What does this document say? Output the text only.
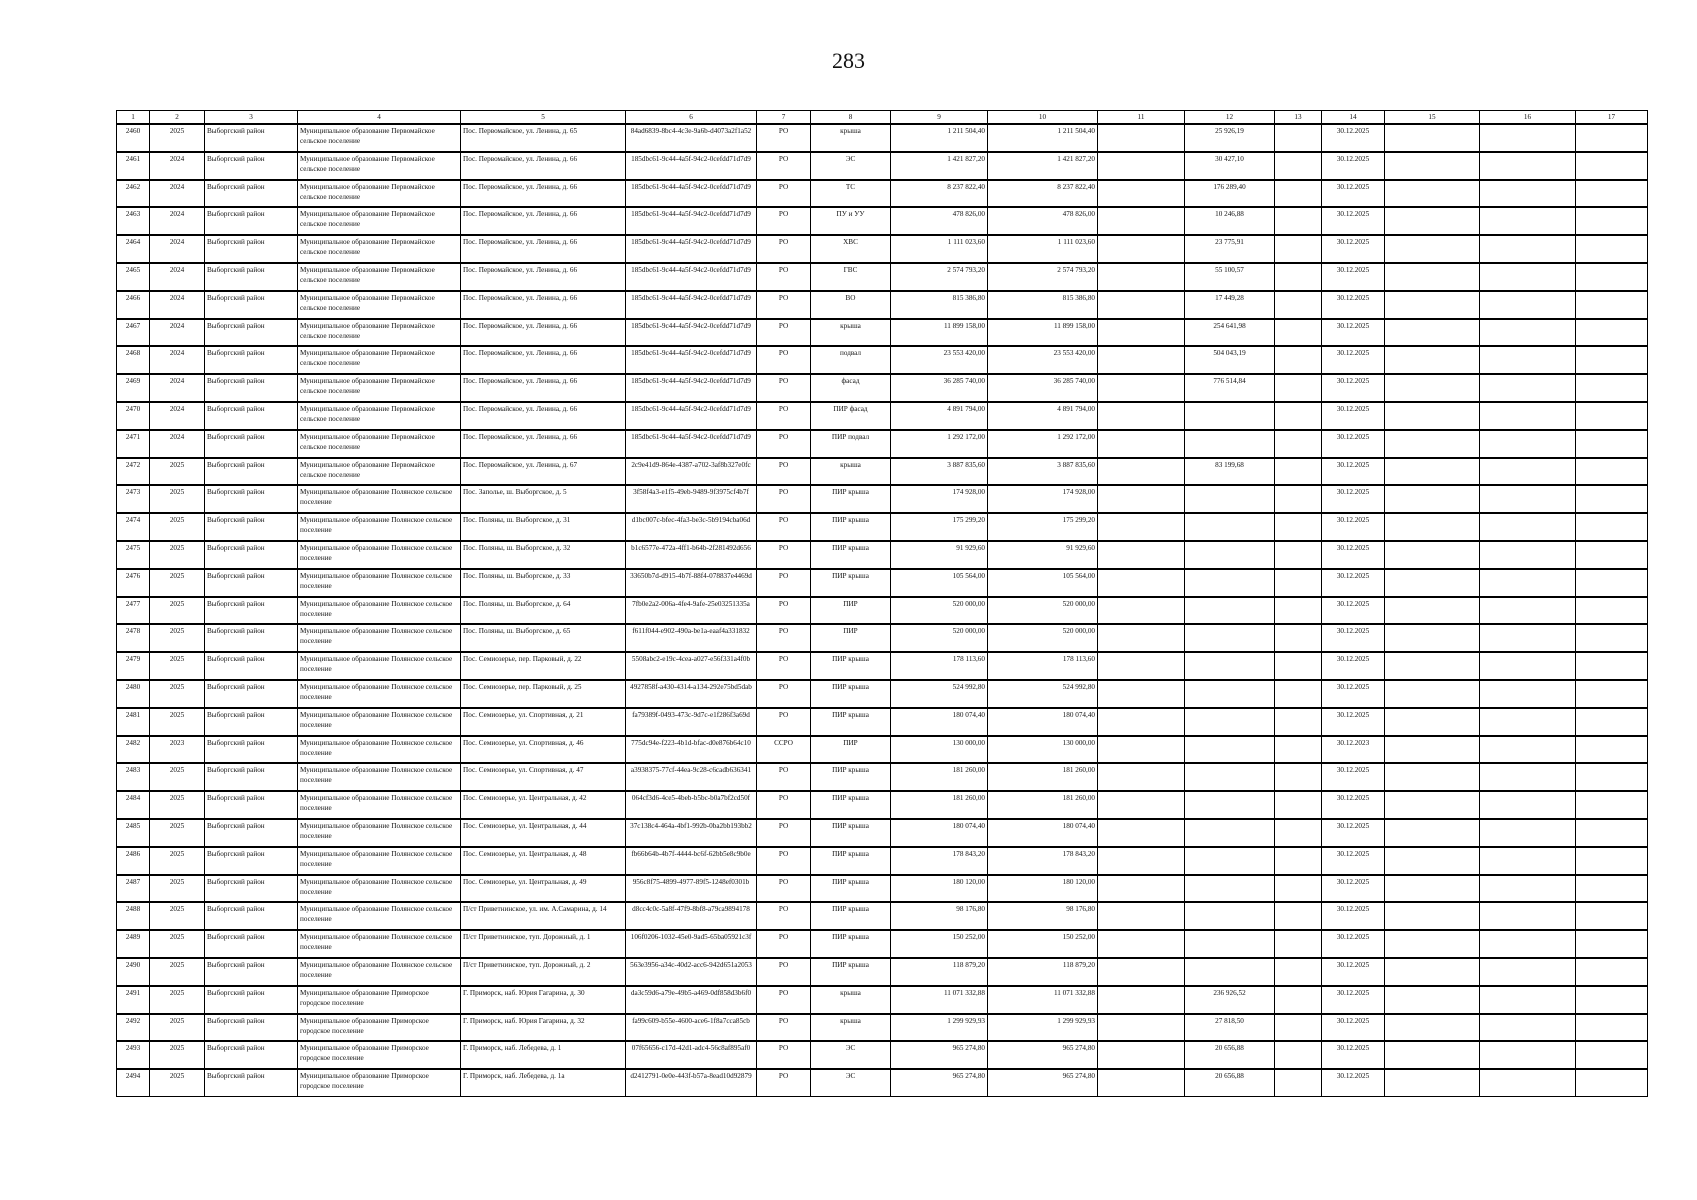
283
1	2	3	4	5	6	7	8	9	10	11	12	13	14	15	16	17
2460	2025	Выборгский район	Муниципальное образование Первомайское сельское поселение	Пос. Первомайское, ул. Ленина, д. 65	84ad6839-8bc4-4c3e-9a6b-d4073a2f1a52	РО	крыша	1 211 504,40	1 211 504,40		25 926,19		30.12.2025			
2461	2024	Выборгский район	Муниципальное образование Первомайское сельское поселение	Пос. Первомайское, ул. Ленина, д. 66	185dbc61-9c44-4a5f-94c2-0cefdd71d7d9	РО	ЭС	1 421 827,20	1 421 827,20		30 427,10		30.12.2025			
2462	2024	Выборгский район	Муниципальное образование Первомайское сельское поселение	Пос. Первомайское, ул. Ленина, д. 66	185dbc61-9c44-4a5f-94c2-0cefdd71d7d9	РО	ТС	8 237 822,40	8 237 822,40		176 289,40		30.12.2025			
2463	2024	Выборгский район	Муниципальное образование Первомайское сельское поселение	Пос. Первомайское, ул. Ленина, д. 66	185dbc61-9c44-4a5f-94c2-0cefdd71d7d9	РО	ПУ и УУ	478 826,00	478 826,00		10 246,88		30.12.2025			
2464	2024	Выборгский район	Муниципальное образование Первомайское сельское поселение	Пос. Первомайское, ул. Ленина, д. 66	185dbc61-9c44-4a5f-94c2-0cefdd71d7d9	РО	ХВС	1 111 023,60	1 111 023,60		23 775,91		30.12.2025			
2465	2024	Выборгский район	Муниципальное образование Первомайское сельское поселение	Пос. Первомайское, ул. Ленина, д. 66	185dbc61-9c44-4a5f-94c2-0cefdd71d7d9	РО	ГВС	2 574 793,20	2 574 793,20		55 100,57		30.12.2025			
2466	2024	Выборгский район	Муниципальное образование Первомайское сельское поселение	Пос. Первомайское, ул. Ленина, д. 66	185dbc61-9c44-4a5f-94c2-0cefdd71d7d9	РО	ВО	815 386,80	815 386,80		17 449,28		30.12.2025			
2467	2024	Выборгский район	Муниципальное образование Первомайское сельское поселение	Пос. Первомайское, ул. Ленина, д. 66	185dbc61-9c44-4a5f-94c2-0cefdd71d7d9	РО	крыша	11 899 158,00	11 899 158,00		254 641,98		30.12.2025			
2468	2024	Выборгский район	Муниципальное образование Первомайское сельское поселение	Пос. Первомайское, ул. Ленина, д. 66	185dbc61-9c44-4a5f-94c2-0cefdd71d7d9	РО	подвал	23 553 420,00	23 553 420,00		504 043,19		30.12.2025			
2469	2024	Выборгский район	Муниципальное образование Первомайское сельское поселение	Пос. Первомайское, ул. Ленина, д. 66	185dbc61-9c44-4a5f-94c2-0cefdd71d7d9	РО	фасад	36 285 740,00	36 285 740,00		776 514,84		30.12.2025			
2470	2024	Выборгский район	Муниципальное образование Первомайское сельское поселение	Пос. Первомайское, ул. Ленина, д. 66	185dbc61-9c44-4a5f-94c2-0cefdd71d7d9	РО	ПИР фасад	4 891 794,00	4 891 794,00				30.12.2025			
2471	2024	Выборгский район	Муниципальное образование Первомайское сельское поселение	Пос. Первомайское, ул. Ленина, д. 66	185dbc61-9c44-4a5f-94c2-0cefdd71d7d9	РО	ПИР подвал	1 292 172,00	1 292 172,00				30.12.2025			
2472	2025	Выборгский район	Муниципальное образование Первомайское сельское поселение	Пос. Первомайское, ул. Ленина, д. 67	2c9e41d9-864e-4387-a702-3af8b327e0fc	РО	крыша	3 887 835,60	3 887 835,60		83 199,68		30.12.2025			
2473	2025	Выборгский район	Муниципальное образование Полянское сельское поселение	Пос. Заполье, ш. Выборгское, д. 5	3f58f4a3-e1f5-49eb-9489-9f3975cf4b7f	РО	ПИР крыша	174 928,00	174 928,00				30.12.2025			
2474	2025	Выборгский район	Муниципальное образование Полянское сельское поселение	Пос. Поляны, ш. Выборгское, д. 31	d1bc007c-bfec-4fa3-be3c-5b9194cba06d	РО	ПИР крыша	175 299,20	175 299,20				30.12.2025			
2475	2025	Выборгский район	Муниципальное образование Полянское сельское поселение	Пос. Поляны, ш. Выборгское, д. 32	b1c6577e-472a-4ff1-b64b-2f281492d656	РО	ПИР крыша	91 929,60	91 929,60				30.12.2025			
2476	2025	Выборгский район	Муниципальное образование Полянское сельское поселение	Пос. Поляны, ш. Выборгское, д. 33	33650b7d-d915-4b7f-88f4-078837e4469d	РО	ПИР крыша	105 564,00	105 564,00				30.12.2025			
2477	2025	Выборгский район	Муниципальное образование Полянское сельское поселение	Пос. Поляны, ш. Выборгское, д. 64	7fb0e2a2-006a-4fe4-9afe-25e03251335a	РО	ПИР	520 000,00	520 000,00				30.12.2025			
2478	2025	Выборгский район	Муниципальное образование Полянское сельское поселение	Пос. Поляны, ш. Выборгское, д. 65	f611f044-e902-490a-be1a-eaaf4a331832	РО	ПИР	520 000,00	520 000,00				30.12.2025			
2479	2025	Выборгский район	Муниципальное образование Полянское сельское поселение	Пос. Семиозерье, пер. Парковый, д. 22	5508abc2-e19c-4cea-a027-e56f331a4f0b	РО	ПИР крыша	178 113,60	178 113,60				30.12.2025			
2480	2025	Выборгский район	Муниципальное образование Полянское сельское поселение	Пос. Семиозерье, пер. Парковый, д. 25	4927858f-a430-4314-a134-292e75bd5dab	РО	ПИР крыша	524 992,80	524 992,80				30.12.2025			
2481	2025	Выборгский район	Муниципальное образование Полянское сельское поселение	Пос. Семиозерье, ул. Спортивная, д. 21	fa79389f-0493-473c-9d7c-e1f286f3a69d	РО	ПИР крыша	180 074,40	180 074,40				30.12.2025			
2482	2023	Выборгский район	Муниципальное образование Полянское сельское поселение	Пос. Семиозерье, ул. Спортивная, д. 46	775dc94e-f223-4b1d-bfac-d0e876b64c10	ССРО	ПИР	130 000,00	130 000,00				30.12.2023			
2483	2025	Выборгский район	Муниципальное образование Полянское сельское поселение	Пос. Семиозерье, ул. Спортивная, д. 47	a3938375-77cf-44ea-9c28-c6cadb636341	РО	ПИР крыша	181 260,00	181 260,00				30.12.2025			
2484	2025	Выборгский район	Муниципальное образование Полянское сельское поселение	Пос. Семиозерье, ул. Центральная, д. 42	064cf3d6-4ce5-4beb-b5bc-b0a7bf2cd50f	РО	ПИР крыша	181 260,00	181 260,00				30.12.2025			
2485	2025	Выборгский район	Муниципальное образование Полянское сельское поселение	Пос. Семиозерье, ул. Центральная, д. 44	37c138c4-464a-4bf1-992b-0ba2bb193bb2	РО	ПИР крыша	180 074,40	180 074,40				30.12.2025			
2486	2025	Выборгский район	Муниципальное образование Полянское сельское поселение	Пос. Семиозерье, ул. Центральная, д. 48	fb66b64b-4b7f-4444-bc6f-62bb5e8c9b0e	РО	ПИР крыша	178 843,20	178 843,20				30.12.2025			
2487	2025	Выборгский район	Муниципальное образование Полянское сельское поселение	Пос. Семиозерье, ул. Центральная, д. 49	956c8f75-4899-4977-89f5-1248ef0301b	РО	ПИР крыша	180 120,00	180 120,00				30.12.2025			
2488	2025	Выборгский район	Муниципальное образование Полянское сельское поселение	П/ст Приветнинское, ул. им. А.Самарина, д. 14	d8cc4c0c-5a8f-47f9-8bf8-a79ca9894178	РО	ПИР крыша	98 176,80	98 176,80				30.12.2025			
2489	2025	Выборгский район	Муниципальное образование Полянское сельское поселение	П/ст Приветнинское, туп. Дорожный, д. 1	106f0206-1032-45e0-9ad5-65ba05921c3f	РО	ПИР крыша	150 252,00	150 252,00				30.12.2025			
2490	2025	Выборгский район	Муниципальное образование Полянское сельское поселение	П/ст Приветнинское, туп. Дорожный, д. 2	563e3956-a34c-40d2-acc6-942d651a2053	РО	ПИР крыша	118 879,20	118 879,20				30.12.2025			
2491	2025	Выборгский район	Муниципальное образование Приморское городское поселение	Г. Приморск, наб. Юрия Гагарина, д. 30	da3c59d6-a79e-49b5-a469-0df858d3b6f0	РО	крыша	11 071 332,88	11 071 332,88		236 926,52		30.12.2025			
2492	2025	Выборгский район	Муниципальное образование Приморское городское поселение	Г. Приморск, наб. Юрия Гагарина, д. 32	fa99c609-b55e-4600-ace6-1f8a7cca85cb	РО	крыша	1 299 929,93	1 299 929,93		27 818,50		30.12.2025			
2493	2025	Выборгский район	Муниципальное образование Приморское городское поселение	Г. Приморск, наб. Лебедева, д. 1	07f65656-c17d-42d1-adc4-56c8af895af0	РО	ЭС	965 274,80	965 274,80		20 656,88		30.12.2025			
2494	2025	Выборгский район	Муниципальное образование Приморское городское поселение	Г. Приморск, наб. Лебедева, д. 1а	d2412791-0e0e-443f-b57a-8ead10d92879	РО	ЭС	965 274,80	965 274,80		20 656,88		30.12.2025			
